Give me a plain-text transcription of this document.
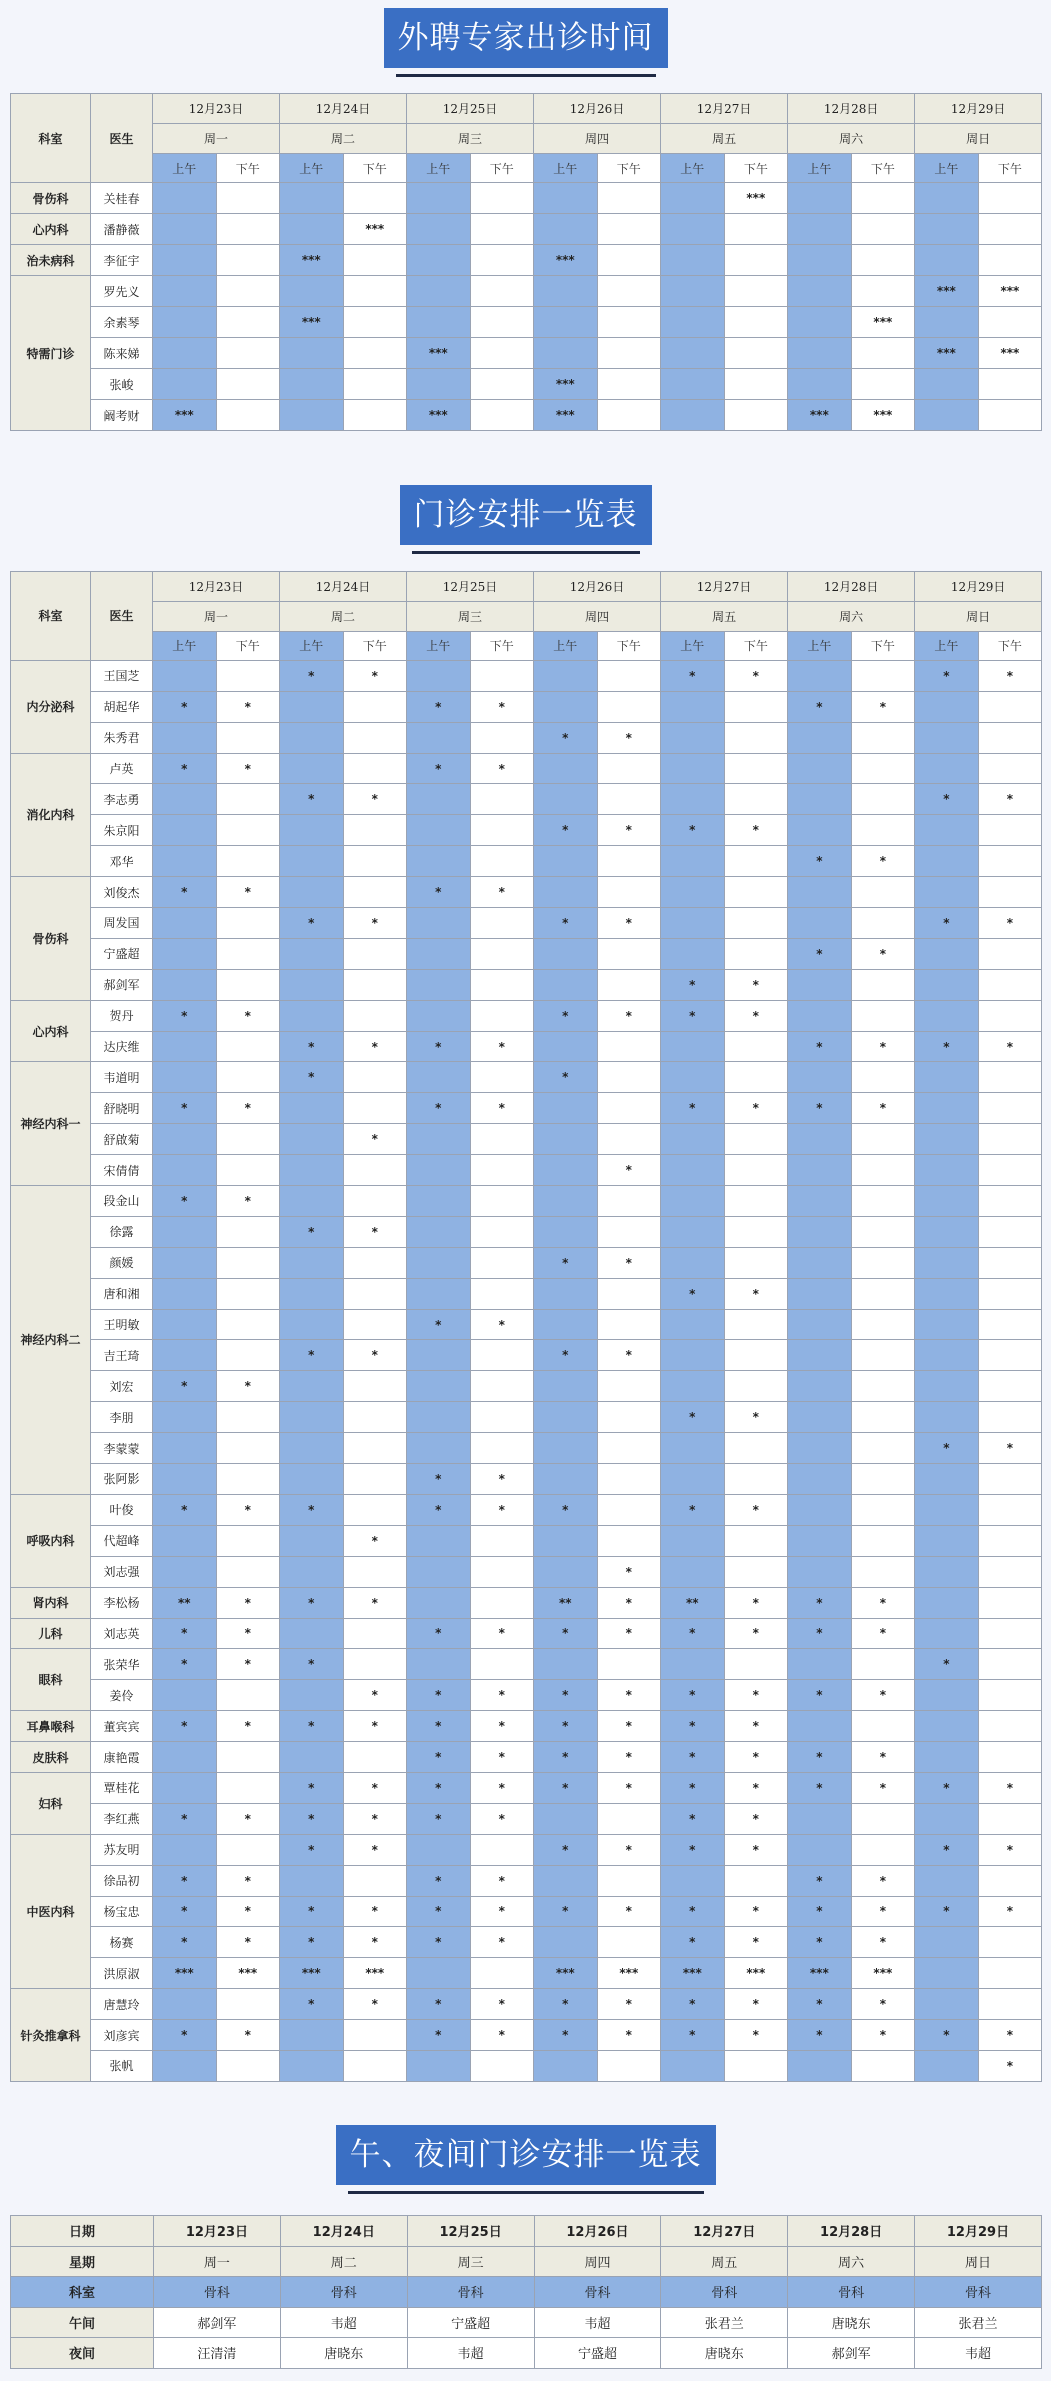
外聘专家出诊时间
科室	医生	12月23日		12月24日		12月25日		12月26日		12月27日		12月28日		12月29日	
		周一		周二		周三		周四		周五		周六		周日	
		上午	下午	上午	下午	上午	下午	上午	下午	上午	下午	上午	下午	上午	下午
骨伤科	关桂春										***				
心内科	潘静薇				***										
治未病科	李征宇			***				***							
特需门诊	罗先义													***	***
	余素琴			***									***		
	陈来娣					***								***	***
	张峻							***							
	阚考财	***				***		***				***	***		
门诊安排一览表
科室	医生	12月23日		12月24日		12月25日		12月26日		12月27日		12月28日		12月29日	
		周一		周二		周三		周四		周五		周六		周日	
		上午	下午	上午	下午	上午	下午	上午	下午	上午	下午	上午	下午	上午	下午
内分泌科	王国芝			*	*					*	*			*	*
	胡起华	*	*			*	*					*	*		
	朱秀君							*	*						
消化内科	卢英	*	*			*	*								
	李志勇			*	*									*	*
	朱京阳							*	*	*	*				
	邓华											*	*		
骨伤科	刘俊杰	*	*			*	*								
	周发国			*	*			*	*					*	*
	宁盛超											*	*		
	郝剑军									*	*				
心内科	贺丹	*	*					*	*	*	*				
	达庆维			*	*	*	*					*	*	*	*
神经内科一	韦道明			*				*							
	舒晓明	*	*			*	*			*	*	*	*		
	舒啟菊				*										
	宋倩倩								*						
神经内科二	段金山	*	*												
	徐露			*	*										
	颜媛							*	*						
	唐和湘									*	*				
	王明敏					*	*								
	吉王琦			*	*			*	*						
	刘宏	*	*												
	李朋									*	*				
	李蒙蒙													*	*
	张阿影					*	*								
呼吸内科	叶俊	*	*	*		*	*	*		*	*				
	代超峰				*										
	刘志强								*						
肾内科	李松杨	**	*	*	*			**	*	**	*	*	*		
儿科	刘志英	*	*			*	*	*	*	*	*	*	*		
眼科	张荣华	*	*	*										*	
	姜伶				*	*	*	*	*	*	*	*	*		
耳鼻喉科	董宾宾	*	*	*	*	*	*	*	*	*	*				
皮肤科	康艳霞					*	*	*	*	*	*	*	*		
妇科	覃桂花			*	*	*	*	*	*	*	*	*	*	*	*
	李红燕	*	*	*	*	*	*			*	*				
中医内科	苏友明			*	*			*	*	*	*			*	*
	徐品初	*	*			*	*					*	*		
	杨宝忠	*	*	*	*	*	*	*	*	*	*	*	*	*	*
	杨赛	*	*	*	*	*	*			*	*	*	*		
	洪原淑	***	***	***	***			***	***	***	***	***	***		
针灸推拿科	唐慧玲			*	*	*	*	*	*	*	*	*	*		
	刘彦宾	*	*			*	*	*	*	*	*	*	*	*	*
	张帆														*
午、夜间门诊安排一览表
日期	12月23日	12月24日	12月25日	12月26日	12月27日	12月28日	12月29日
星期	周一	周二	周三	周四	周五	周六	周日
科室	骨科	骨科	骨科	骨科	骨科	骨科	骨科
午间	郝剑军	韦超	宁盛超	韦超	张君兰	唐晓东	张君兰
夜间	汪清清	唐晓东	韦超	宁盛超	唐晓东	郝剑军	韦超
